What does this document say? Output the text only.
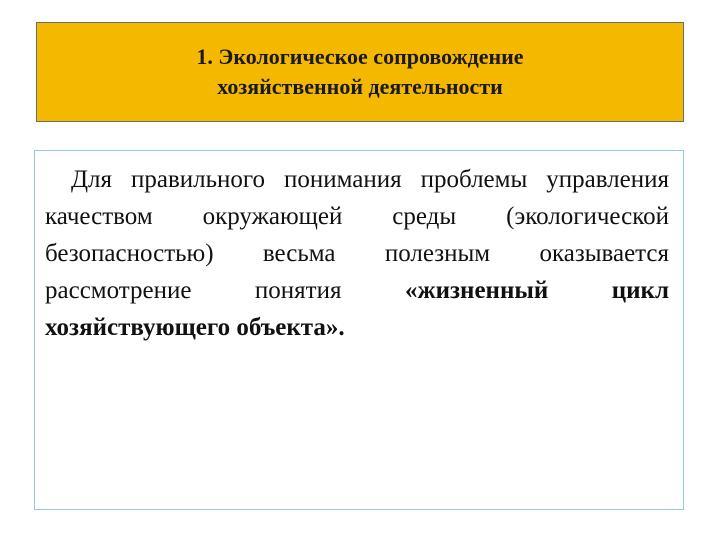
1. Экологическое сопровождение
хозяйственной деятельности

Для правильного понимания проблемы управления качеством окружающей среды (экологической безопасностью) весьма полезным оказывается рассмотрение понятия	«жизненный цикл хозяйствующего объекта».
